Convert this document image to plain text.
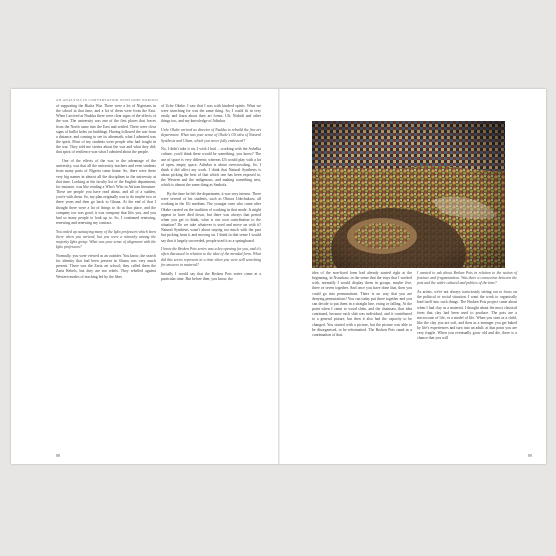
AN ANALYSIS IN CONVERSATION WITH ODIE NOKIWO

of supporting the Biafra War. There were a lot of Nigerians in the school at that time, and a lot of them were from the East. When I arrived at Nsukka there were clear signs of the effects of the war. The university was one of the first places that forces from the North came into the East and settled. There were clear signs of bullet holes on buildings. Having followed the war from a distance, and coming to see its aftermath, what I admired was the spirit. Most of my students were people who had fought in the war. They told me stories about the war and what they did; that spirit of resilience was what I admired about the people.

One of the effects of the war, to the advantage of the university, was that all the university teachers and even students from many parts of Nigeria came home. So, there were these very big names in almost all the disciplines in the university at that time. Looking at the faculty list of the English department, for instance, was like reading a Who's Who in African literature. These are people you have read about, and all of a sudden, you're with them. So, my plan originally was to do maybe two or three years and then go back to Ghana. At the end of that I thought there were a lot of things to do at that place, and the company too was good, it was company that lifts you, and you had so many people to look up to. So, I continued renewing, renewing and renewing my contract.

You ended up outstaying many of the Igbo professors which been there when you arrived, but you were a minority among the majority Igbo group. What was your sense of alignment with the Igbo professors?

Normally, you were viewed as an outsider. You know, the search for identity that had been present in Ghana was very much present. There was the Zaria art school; they called them the Zaria Rebels, but they are not rebels. They rebelled against Western modes of teaching led by the likes

of Uche Okeke. I saw that I was with kindred spirits. What we were searching for was the same thing. So, I could fit in very easily and learn about their art forms, Uli, Nsibidi and other things too, and my knowledge of Adinkra.

Uche Okeke arrived as director of Nsukka to rebuild the fine art department. What was your sense of Okeke's Uli idea of Natural Synthesis and Ulism, which you never fully embraced?

No, I didn't take it on, I wish I had ... working with the Ashelka culture, you'd think there would be something, you know? The use of space is very different; whereas Uli would play with a lot of open, empty space, Adinkra is about overcrowding. So, I think it did affect my work. I think that Natural Synthesis is about picking the best of that which one has been exposed to, the Western and the indigenous, and making something new, which is almost the same thing as Sankofa.

By the time he left the department, it was very intense. There were several of his students, such as Obiora Udechukwu, all working in the Uli medium. The younger ones who came after Okeke carried on the tradition of working in that mode. It might appear to have died down, but there was always that period when you get to think, what is our own contribution to the situation? Do we take whatever is used and move on with it? Natural Synthesis wasn't about staying too much with the past but picking from it and moving on. I think in that sense I would say that it largely succeeded, people used it as a springboard.

I know the Broken Pots series was a key opening for you, and it's often discussed in relation to the idea of the mended form. What did this series represent at a time when you were still searching for answers in material?

Initially I would say that the Broken Pots series came at a particular time. But before then, you know, the

88

idea of the non-fixed form had already started right at the beginning, in Nsawkaw, in the sense that the trays that I worked with, normally I would display them in groups, maybe five, three or seven together. And once you have done that, then you could go into permutations. There is no way that you are denying permutations! You can today put three together and you can decide to put them in a straight line, rising or falling. At the point when I came to wood slabs, and the chainsaw, that idea continued, because each slab was individual, and it contributed to a general picture, but then it also had the capacity to be changed. You started with a picture, but the picture was able to be disorganised, to be reformatted. The Broken Pots stand as a continuation of that.

I wanted to ask about Broken Pots in relation to the notion of fracture and fragmentation. Was there a connection between the pots and the wider cultural and politics of the time?

As artists, we're not always consciously setting out to focus on the political or social situation. I want the work to organically lead itself into such things. The Broken Pots project came about when I had clay as a material. I thought about the most classical form that clay had been used to produce. The pots are a microcosm of life, or a model of life. When you start as a child, like the clay you are soft, and then as a teenager you get baked by life's experiences and turn into an adult; at that point you are very fragile. When you eventually grow old and die, there is a chance that you will

89
